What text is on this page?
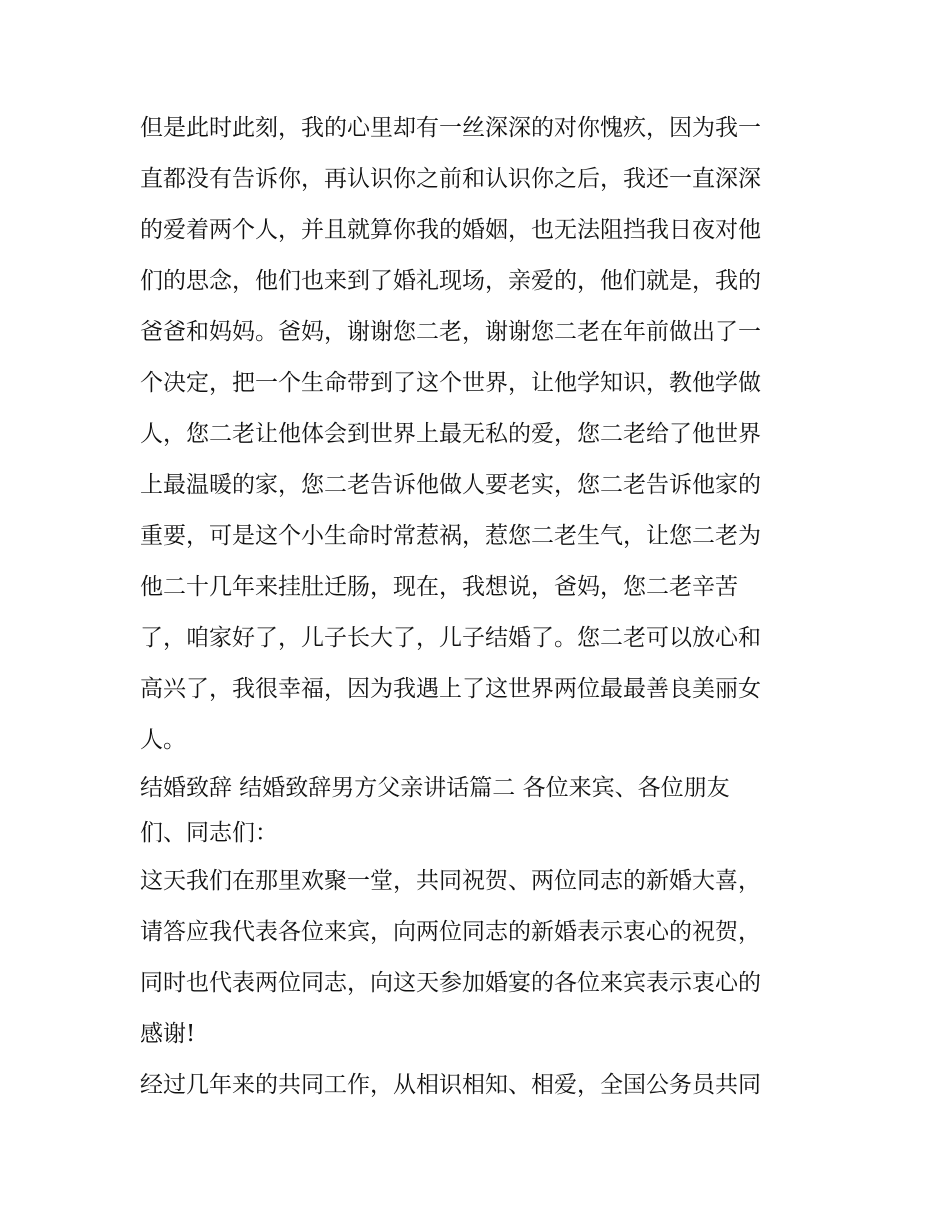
但是此时此刻，我的心里却有一丝深深的对你愧疚，因为我一
直都没有告诉你，再认识你之前和认识你之后，我还一直深深
的爱着两个人，并且就算你我的婚姻，也无法阻挡我日夜对他
们的思念，他们也来到了婚礼现场，亲爱的，他们就是，我的
爸爸和妈妈。爸妈，谢谢您二老，谢谢您二老在年前做出了一
个决定，把一个生命带到了这个世界，让他学知识，教他学做
人，您二老让他体会到世界上最无私的爱，您二老给了他世界
上最温暖的家，您二老告诉他做人要老实，您二老告诉他家的
重要，可是这个小生命时常惹祸，惹您二老生气，让您二老为
他二十几年来挂肚迁肠，现在，我想说，爸妈，您二老辛苦
了，咱家好了，儿子长大了，儿子结婚了。您二老可以放心和
高兴了，我很幸福，因为我遇上了这世界两位最最善良美丽女
人。
结婚致辞 结婚致辞男方父亲讲话篇二 各位来宾、各位朋友
们、同志们：
这天我们在那里欢聚一堂，共同祝贺、两位同志的新婚大喜，
请答应我代表各位来宾，向两位同志的新婚表示衷心的祝贺，
同时也代表两位同志，向这天参加婚宴的各位来宾表示衷心的
感谢!
经过几年来的共同工作，从相识相知、相爱，全国公务员共同
